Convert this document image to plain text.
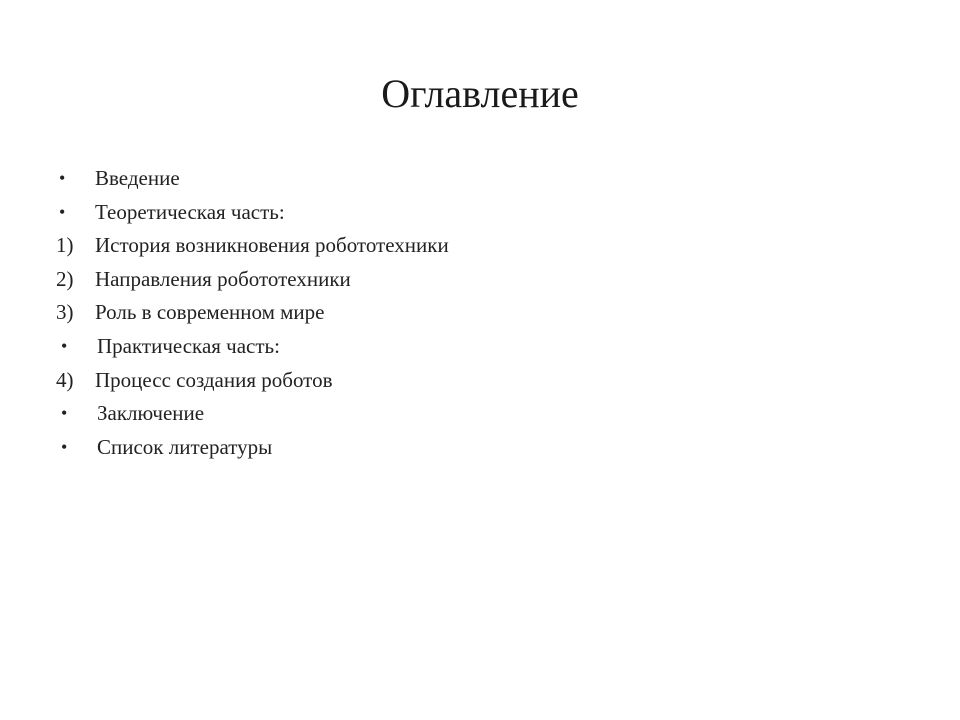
Оглавление
•	Введение
•	Теоретическая часть:
1)	История возникновения робототехники
2)	Направления робототехники
3)	Роль в современном мире
•	Практическая часть:
4)	Процесс создания роботов
•	Заключение
•	Список литературы
